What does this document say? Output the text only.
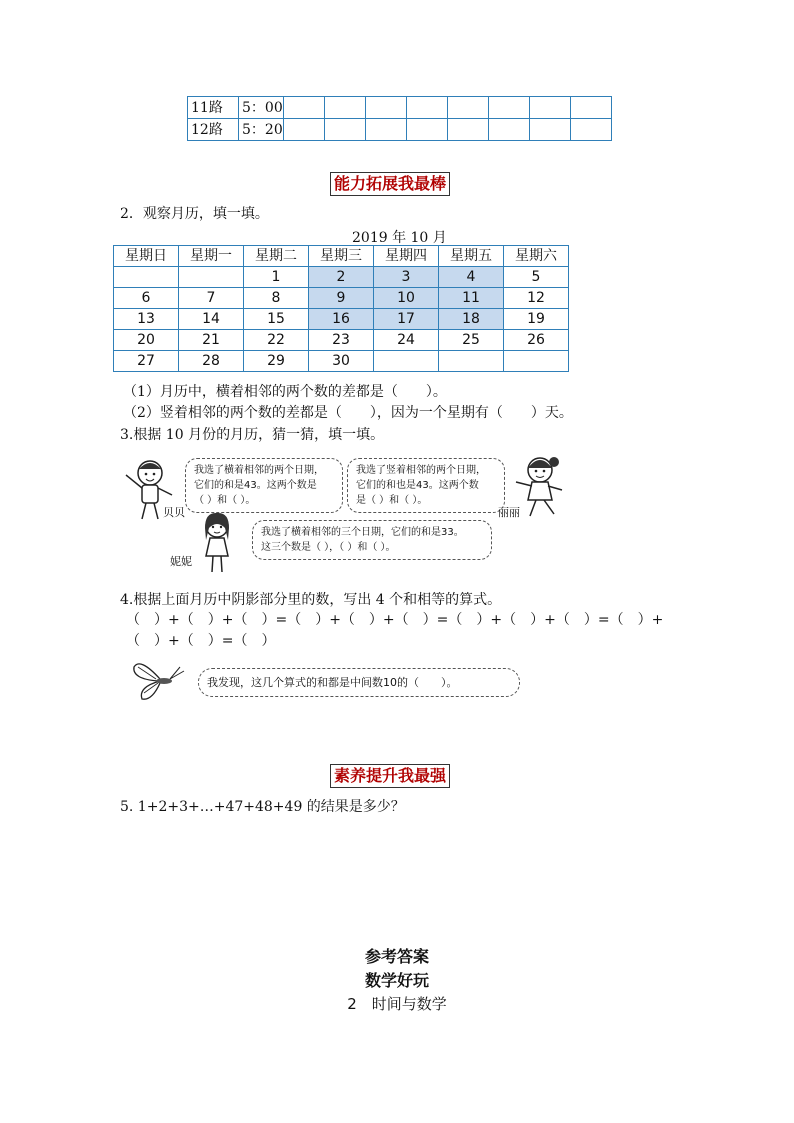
11路	5：00								
12路	5：20								
能力拓展我最棒
2．观察月历，填一填。
2019 年 10 月
星期日	星期一	星期二	星期三	星期四	星期五	星期六
		1	2	3	4	5
6	7	8	9	10	11	12
13	14	15	16	17	18	19
20	21	22	23	24	25	26
27	28	29	30			
（1）月历中，横着相邻的两个数的差都是（　　）。
（2）竖着相邻的两个数的差都是（　　），因为一个星期有（　　）天。
3.根据 10 月份的月历，猜一猜，填一填。
贝贝
我选了横着相邻的两个日期，
它们的和是43。这两个数是
（ ）和（ ）。
我选了竖着相邻的两个日期，
它们的和也是43。这两个数
是（ ）和（ ）。
丽丽
妮妮
我选了横着相邻的三个日期，它们的和是33。
这三个数是（ ），（ ）和（ ）。
4.根据上面月历中阴影部分里的数，写出 4 个和相等的算式。
（　）+（　）+（　）=（　）+（　）+（　）=（　）+（　）+（　）=（　）+
（　）+（　）=（　）
我发现，这几个算式的和都是中间数10的（　　）。
素养提升我最强
5. 1+2+3+…+47+48+49 的结果是多少？
参考答案
数学好玩
2　时间与数学
